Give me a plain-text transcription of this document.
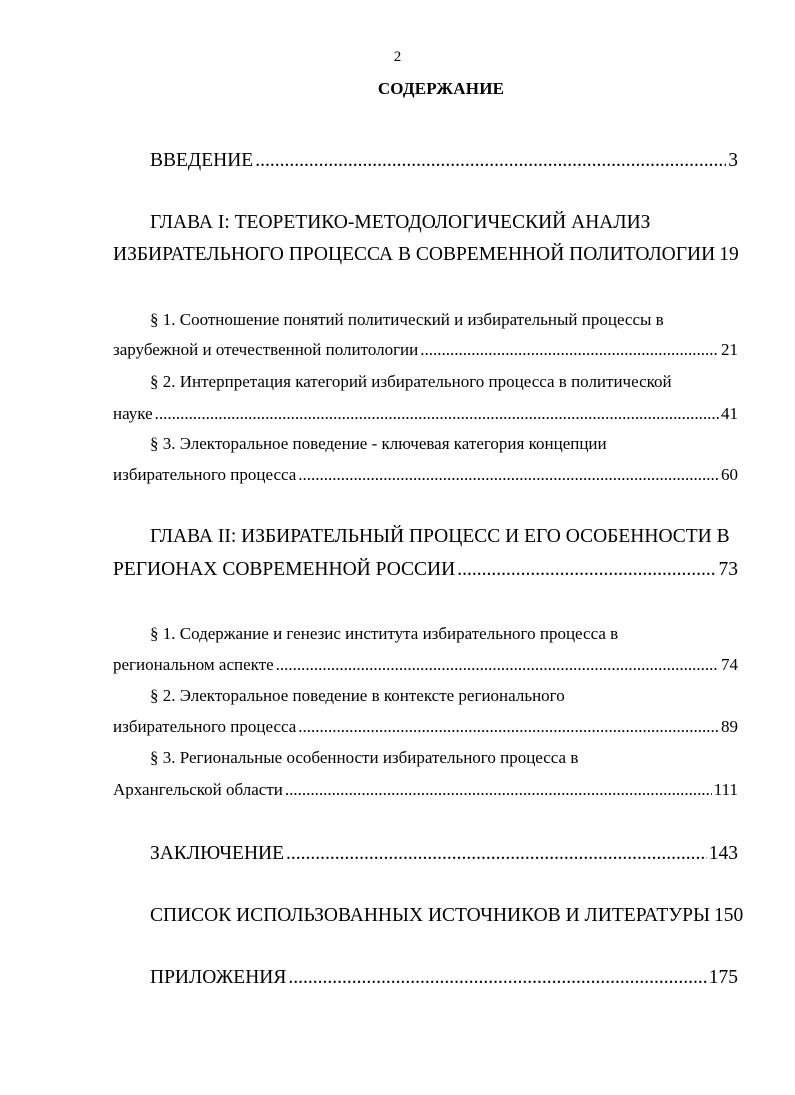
2
СОДЕРЖАНИЕ
ВВЕДЕНИЕ .....	3
ГЛАВА I: ТЕОРЕТИКО-МЕТОДОЛОГИЧЕСКИЙ АНАЛИЗ
ИЗБИРАТЕЛЬНОГО ПРОЦЕССА В СОВРЕМЕННОЙ ПОЛИТОЛОГИИ 19
§ 1. Соотношение понятий политический и избирательный процессы в
зарубежной и отечественной политологии .....	21
§ 2. Интерпретация категорий избирательного процесса в политической
науке .....	41
§ 3. Электоральное поведение - ключевая категория концепции
избирательного процесса .....	60
ГЛАВА II: ИЗБИРАТЕЛЬНЫЙ ПРОЦЕСС И ЕГО ОСОБЕННОСТИ В
РЕГИОНАХ СОВРЕМЕННОЙ РОССИИ .....	73
§ 1. Содержание и генезис института избирательного процесса в
региональном аспекте .....	74
§ 2. Электоральное поведение в контексте регионального
избирательного процесса .....	89
§ 3. Региональные особенности избирательного процесса в
Архангельской области .....	111
ЗАКЛЮЧЕНИЕ .....	143
СПИСОК ИСПОЛЬЗОВАННЫХ ИСТОЧНИКОВ И ЛИТЕРАТУРЫ 150
ПРИЛОЖЕНИЯ .....	175
